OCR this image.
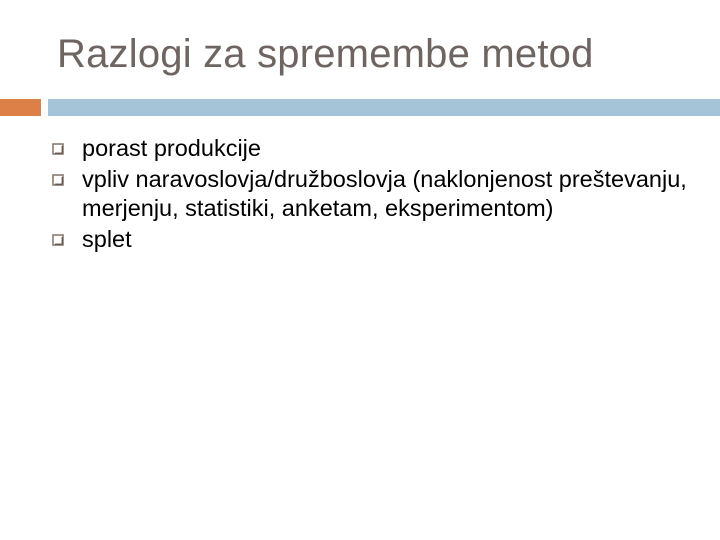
Razlogi za spremembe metod
porast produkcije
vpliv naravoslovja/družboslovja (naklonjenost preštevanju, merjenju, statistiki, anketam, eksperimentom)
splet
